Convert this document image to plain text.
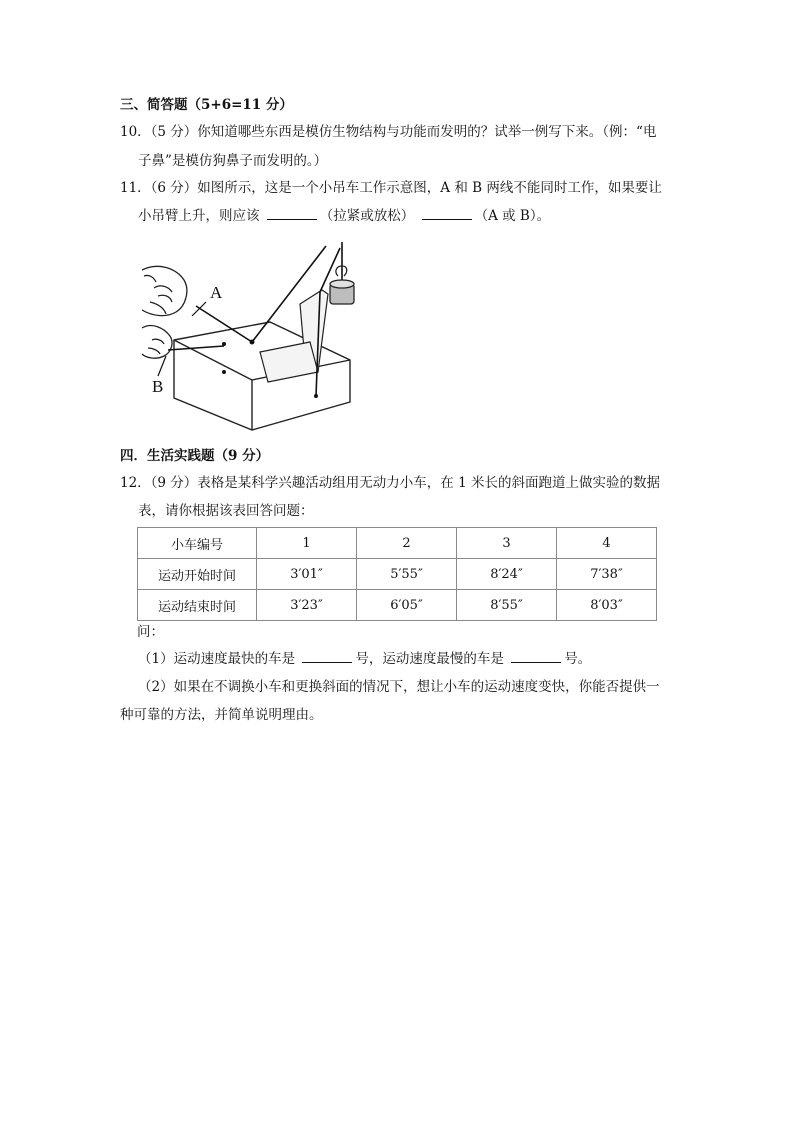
三、简答题（5+6=11 分）
10．（5 分）你知道哪些东西是模仿生物结构与功能而发明的？试举一例写下来。（例：“电
子鼻”是模仿狗鼻子而发明的。）
11．（6 分）如图所示，这是一个小吊车工作示意图，A 和 B 两线不能同时工作，如果要让
小吊臂上升，则应该	（拉紧或放松）	（A 或 B）。
A
B
四．生活实践题（9 分）
12．（9 分）表格是某科学兴趣活动组用无动力小车，在 1 米长的斜面跑道上做实验的数据
表，请你根据该表回答问题：
小车编号	1	2	3	4
运动开始时间	3′01″	5′55″	8′24″	7′38″
运动结束时间	3′23″	6′05″	8′55″	8′03″
问：
（1）运动速度最快的车是	号，运动速度最慢的车是	号。
（2）如果在不调换小车和更换斜面的情况下，想让小车的运动速度变快，你能否提供一
种可靠的方法，并简单说明理由。
